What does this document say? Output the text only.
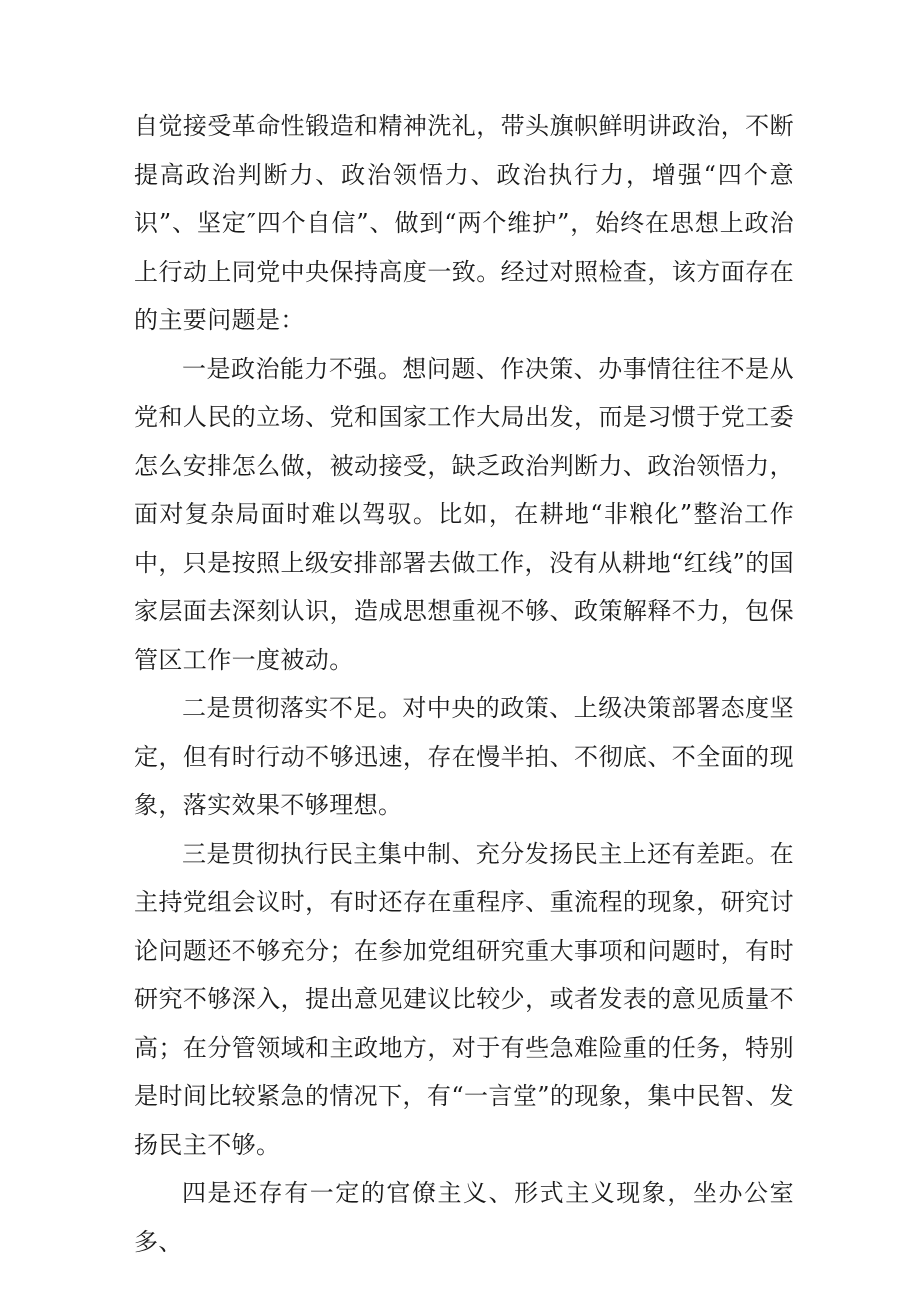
自觉接受革命性锻造和精神洗礼，带头旗帜鲜明讲政治，不断提高政治判断力、政治领悟力、政治执行力，增强“四个意识”、坚定″四个自信”、做到“两个维护”，始终在思想上政治上行动上同党中央保持高度一致。经过对照检查，该方面存在的主要问题是：

一是政治能力不强。想问题、作决策、办事情往往不是从党和人民的立场、党和国家工作大局出发，而是习惯于党工委怎么安排怎么做，被动接受，缺乏政治判断力、政治领悟力，面对复杂局面时难以驾驭。比如，在耕地“非粮化”整治工作中，只是按照上级安排部署去做工作，没有从耕地“红线”的国家层面去深刻认识，造成思想重视不够、政策解释不力，包保管区工作一度被动。

二是贯彻落实不足。对中央的政策、上级决策部署态度坚定，但有时行动不够迅速，存在慢半拍、不彻底、不全面的现象，落实效果不够理想。

三是贯彻执行民主集中制、充分发扬民主上还有差距。在主持党组会议时，有时还存在重程序、重流程的现象，研究讨论问题还不够充分；在参加党组研究重大事项和问题时，有时研究不够深入，提出意见建议比较少，或者发表的意见质量不高；在分管领域和主政地方，对于有些急难险重的任务，特别是时间比较紧急的情况下，有“一言堂”的现象，集中民智、发扬民主不够。

四是还存有一定的官僚主义、形式主义现象，坐办公室多、
